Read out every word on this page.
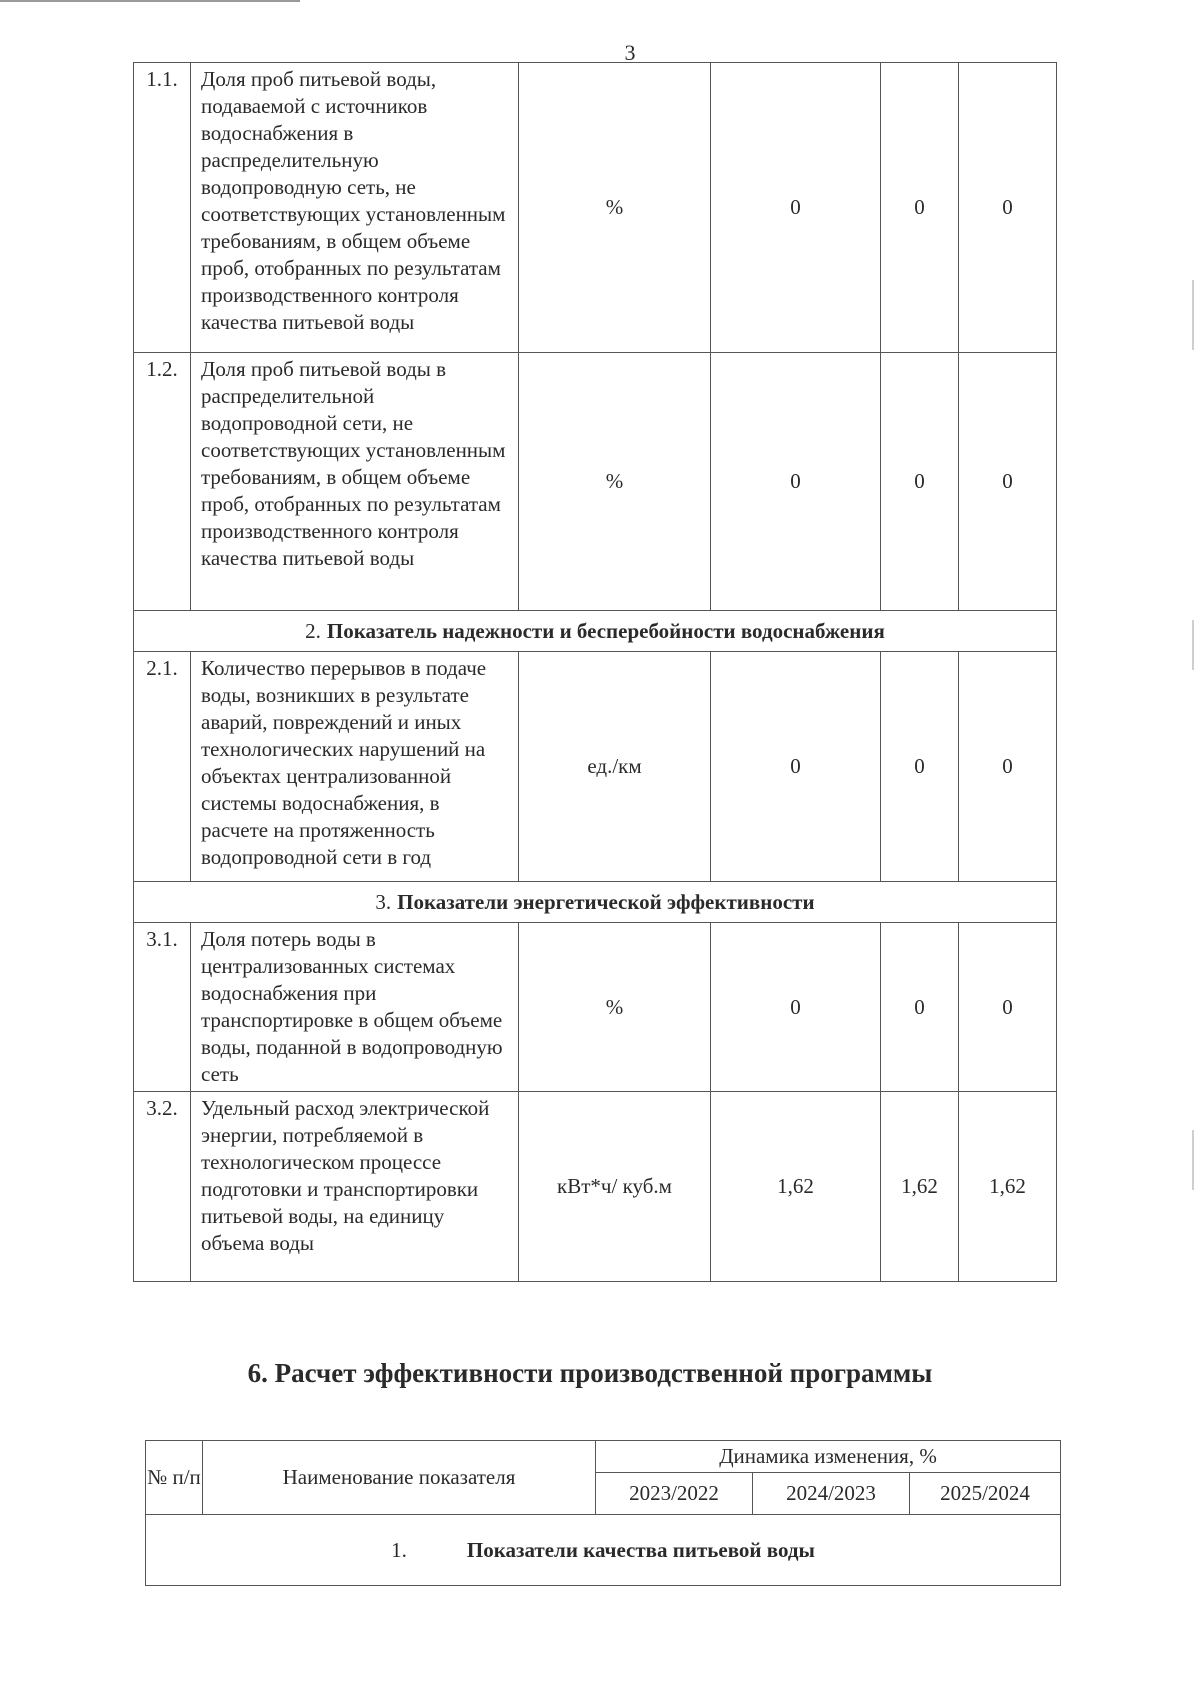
3
1.1.	Доля проб питьевой воды, подаваемой с источников водоснабжения в распределительную водопроводную сеть, не соответствующих установленным требованиям, в общем объеме проб, отобранных по результатам производственного контроля качества питьевой воды	%	0	0	0
1.2.	Доля проб питьевой воды в распределительной водопроводной сети, не соответствующих установленным требованиям, в общем объеме проб, отобранных по результатам производственного контроля качества питьевой воды	%	0	0	0
2. Показатель надежности и бесперебойности водоснабжения					
2.1.	Количество перерывов в подаче воды, возникших в результате аварий, повреждений и иных технологических нарушений на объектах централизованной системы водоснабжения, в расчете на протяженность водопроводной сети в год	ед./км	0	0	0
3. Показатели энергетической эффективности					
3.1.	Доля потерь воды в централизованных системах водоснабжения при транспортировке в общем объеме воды, поданной в водопроводную сеть	%	0	0	0
3.2.	Удельный расход электрической энергии, потребляемой в технологическом процессе подготовки и транспортировки питьевой воды, на единицу объема воды	кВт*ч/ куб.м	1,62	1,62	1,62
6. Расчет эффективности производственной программы
№ п/п	Наименование показателя	Динамика изменения, %		
		2023/2022	2024/2023	2025/2024
1. Показатели качества питьевой воды				
